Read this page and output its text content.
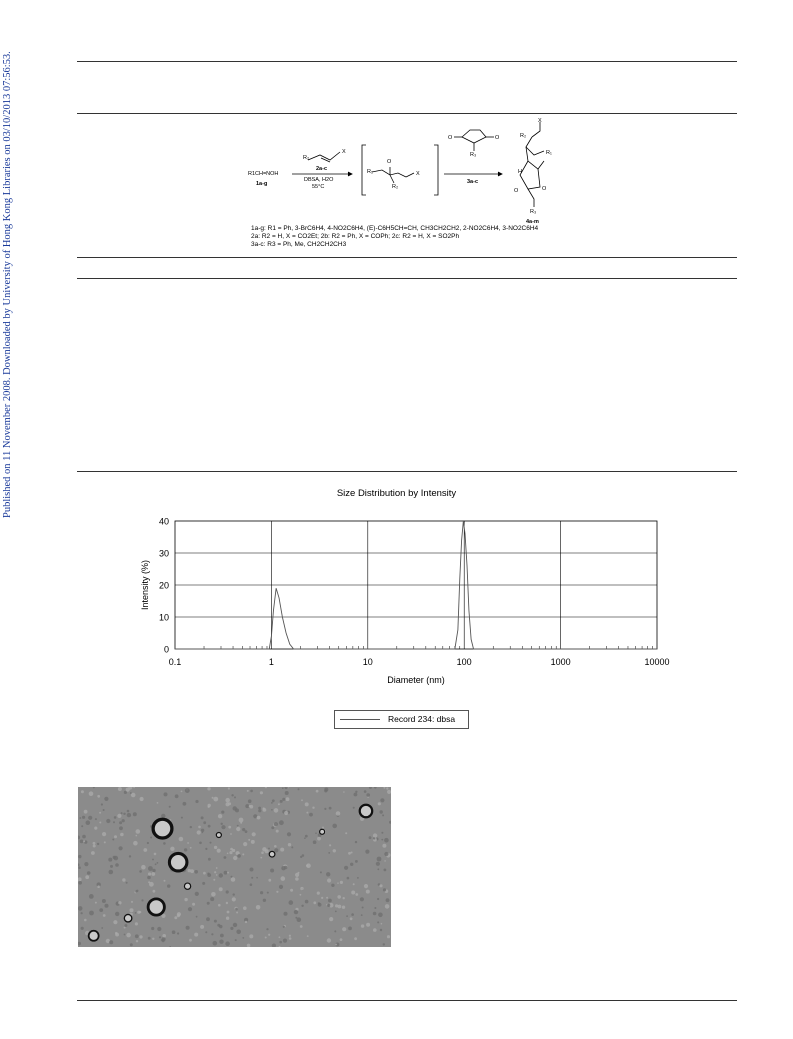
Published on 11 November 2008. Downloaded by University of Hong Kong Libraries on 03/10/2013 07:56:53.	R₂
X
2a-c
R1CH=NOH
1a-g
DBSA, H2O
55°C
R₁
O
R₂
X
O	O
R₃
3a-c
X
R₂
R₁
H
O	O
R₃
4a-m
1a-g: R1 = Ph, 3-BrC6H4, 4-NO2C6H4, (E)-C6H5CH=CH, CH3CH2CH2, 2-NO2C6H4, 3-NO2C6H4
2a: R2 = H, X = CO2Et; 2b: R2 = Ph, X = COPh; 2c: R2 = H, X = SO2Ph
3a-c: R3 = Ph, Me, CH2CH2CH3
Size Distribution by Intensity
0
10
20
30
40
0.1	1	10	100	1000	10000
Diameter (nm)
Intensity (%)
Record 234: dbsa
